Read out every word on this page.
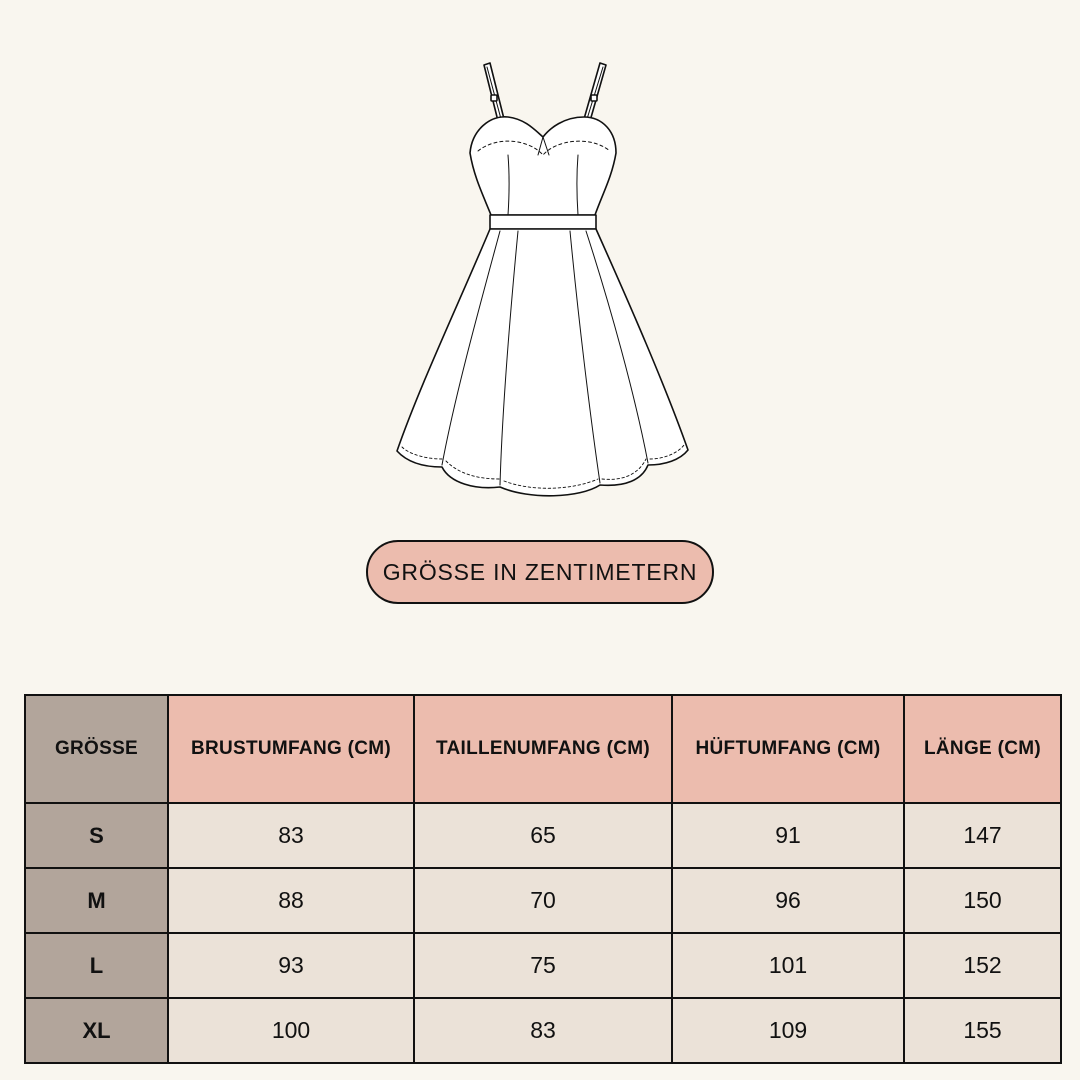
GRÖSSE IN ZENTIMETERN
GRÖSSE	BRUSTUMFANG (CM)	TAILLENUMFANG (CM)	HÜFTUMFANG (CM)	LÄNGE (CM)
S	83	65	91	147
M	88	70	96	150
L	93	75	101	152
XL	100	83	109	155
